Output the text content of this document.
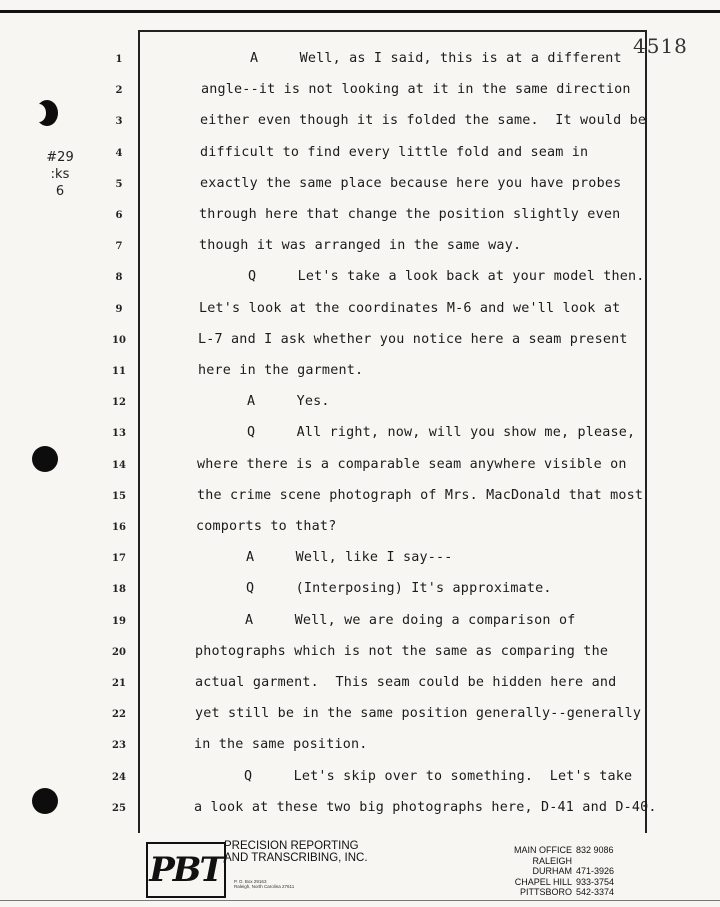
4518
#29
:ks
6
1	A     Well, as I said, this is at a different
2	angle--it is not looking at it in the same direction
3	either even though it is folded the same.  It would be
4	difficult to find every little fold and seam in
5	exactly the same place because here you have probes
6	through here that change the position slightly even
7	though it was arranged in the same way.
8	Q     Let's take a look back at your model then.
9	Let's look at the coordinates M-6 and we'll look at
10	L-7 and I ask whether you notice here a seam present
11	here in the garment.
12	A     Yes.
13	Q     All right, now, will you show me, please,
14	where there is a comparable seam anywhere visible on
15	the crime scene photograph of Mrs. MacDonald that most
16	comports to that?
17	A     Well, like I say---
18	Q     (Interposing) It's approximate.
19	A     Well, we are doing a comparison of
20	photographs which is not the same as comparing the
21	actual garment.  This seam could be hidden here and
22	yet still be in the same position generally--generally
23	in the same position.
24	Q     Let's skip over to something.  Let's take
25	a look at these two big photographs here, D-41 and D-40.
PBT
PRECISION REPORTING
AND TRANSCRIBING, INC.
P. O. Box 29163
Raleigh, North Carolina 27611
MAIN OFFICE RALEIGH
832 9086
DURHAM 471-3926
CHAPEL HILL 933-3754
PITTSBORO 542-3374
